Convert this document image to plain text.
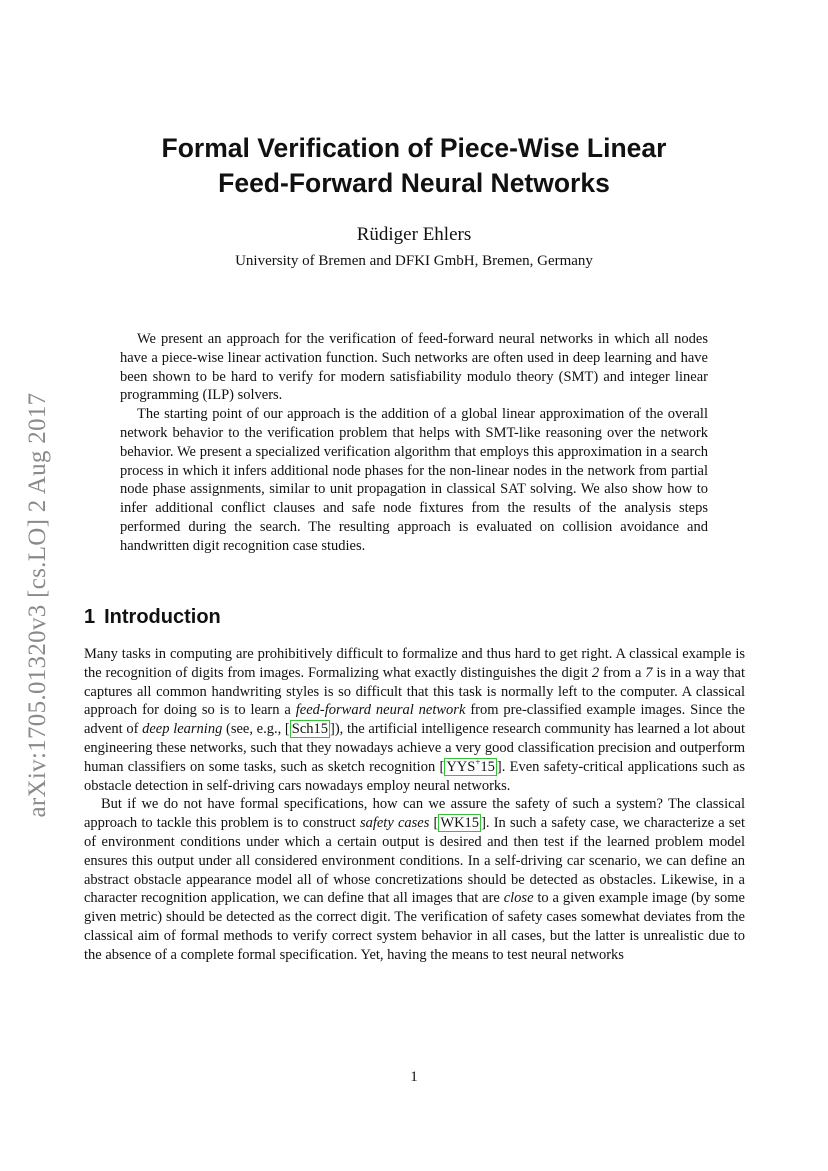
arXiv:1705.01320v3 [cs.LO] 2 Aug 2017
Formal Verification of Piece-Wise Linear
Feed-Forward Neural Networks
Rüdiger Ehlers
University of Bremen and DFKI GmbH, Bremen, Germany

We present an approach for the verification of feed-forward neural networks in which all nodes have a piece-wise linear activation function. Such networks are often used in deep learning and have been shown to be hard to verify for modern satisfiability modulo theory (SMT) and integer linear programming (ILP) solvers.

The starting point of our approach is the addition of a global linear approximation of the overall network behavior to the verification problem that helps with SMT-like reasoning over the network behavior. We present a specialized verification algorithm that employs this approximation in a search process in which it infers additional node phases for the non-linear nodes in the network from partial node phase assignments, similar to unit propagation in classical SAT solving. We also show how to infer additional conflict clauses and safe node fixtures from the results of the analysis steps performed during the search. The resulting approach is evaluated on collision avoidance and handwritten digit recognition case studies.

1 Introduction

Many tasks in computing are prohibitively difficult to formalize and thus hard to get right. A classical example is the recognition of digits from images. Formalizing what exactly distinguishes the digit 2 from a 7 is in a way that captures all common handwriting styles is so difficult that this task is normally left to the computer. A classical approach for doing so is to learn a feed-forward neural network from pre-classified example images. Since the advent of deep learning (see, e.g., [ Sch15 ]), the artificial intelligence research community has learned a lot about engineering these networks, such that they nowadays achieve a very good classification precision and outperform human classifiers on some tasks, such as sketch recognition [ YYS+15 ]. Even safety-critical applications such as obstacle detection in self-driving cars nowadays employ neural networks.

But if we do not have formal specifications, how can we assure the safety of such a system? The classical approach to tackle this problem is to construct safety cases [ WK15 ]. In such a safety case, we characterize a set of environment conditions under which a certain output is desired and then test if the learned problem model ensures this output under all considered environment conditions. In a self-driving car scenario, we can define an abstract obstacle appearance model all of whose concretizations should be detected as obstacles. Likewise, in a character recognition application, we can define that all images that are close to a given example image (by some given metric) should be detected as the correct digit. The verification of safety cases somewhat deviates from the classical aim of formal methods to verify correct system behavior in all cases, but the latter is unrealistic due to the absence of a complete formal specification. Yet, having the means to test neural networks

1
